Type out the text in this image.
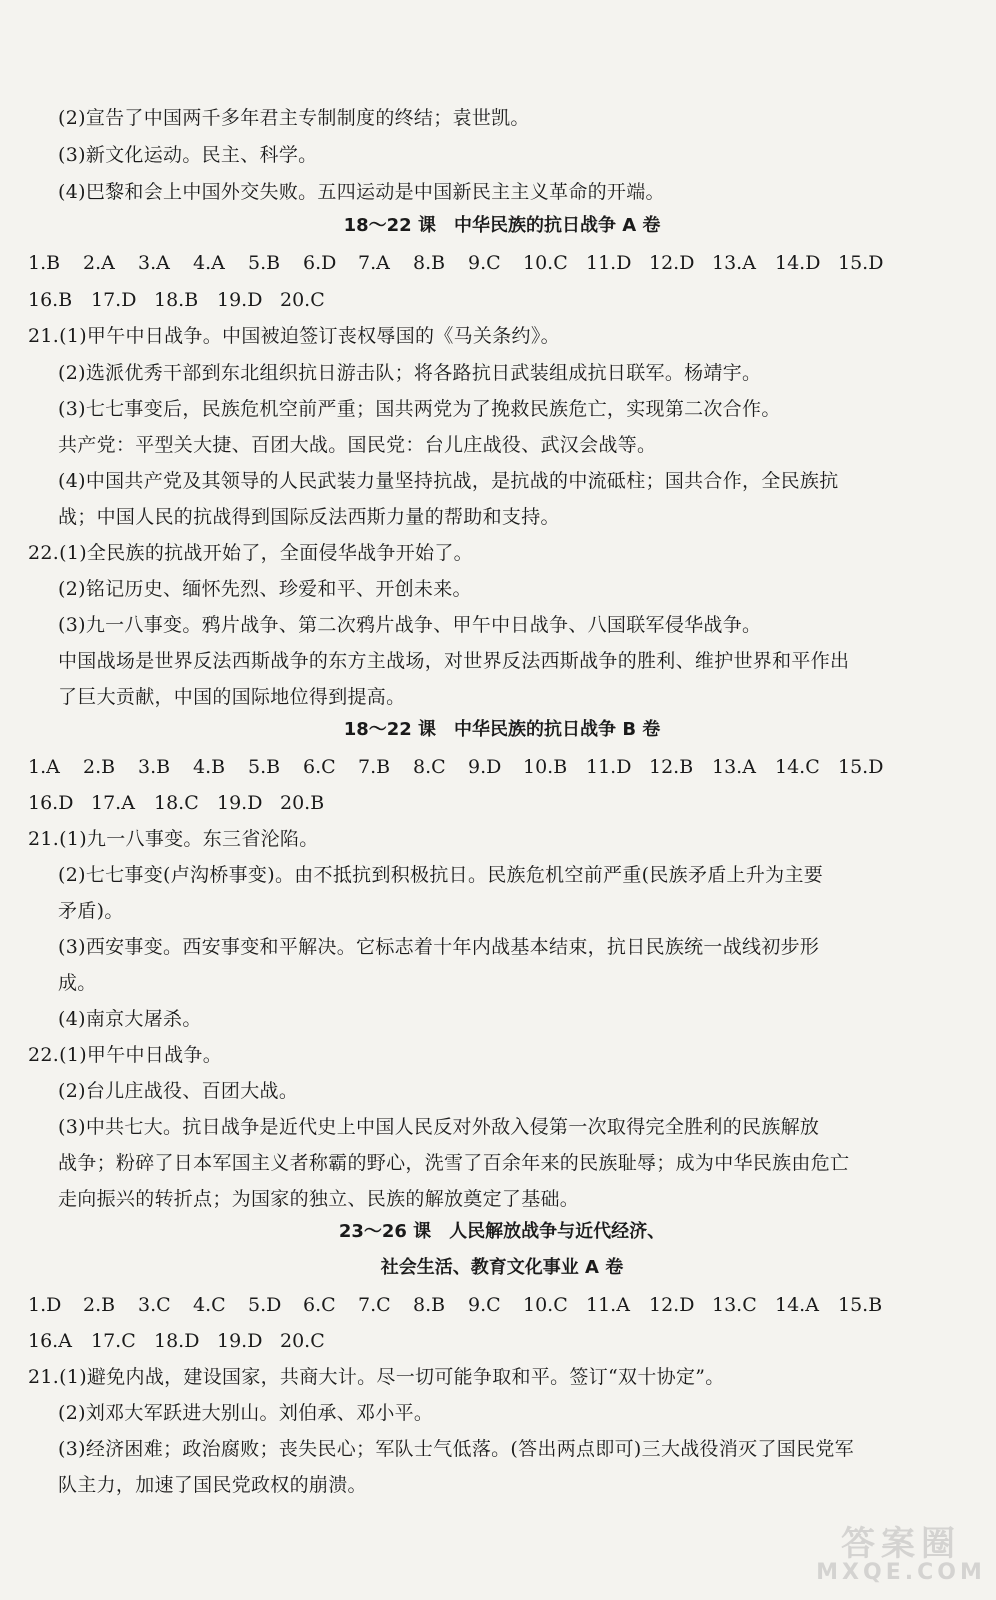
(2)宣告了中国两千多年君主专制制度的终结；袁世凯。
(3)新文化运动。民主、科学。
(4)巴黎和会上中国外交失败。五四运动是中国新民主主义革命的开端。
18～22 课　中华民族的抗日战争 A 卷
1.B 2.A 3.A 4.A 5.B 6.D 7.A 8.B 9.C 10.C 11.D 12.D 13.A 14.D 15.D
16.B 17.D 18.B 19.D 20.C
21.(1)甲午中日战争。中国被迫签订丧权辱国的《马关条约》。
(2)选派优秀干部到东北组织抗日游击队；将各路抗日武装组成抗日联军。杨靖宇。
(3)七七事变后，民族危机空前严重；国共两党为了挽救民族危亡，实现第二次合作。
共产党：平型关大捷、百团大战。国民党：台儿庄战役、武汉会战等。
(4)中国共产党及其领导的人民武装力量坚持抗战，是抗战的中流砥柱；国共合作，全民族抗
战；中国人民的抗战得到国际反法西斯力量的帮助和支持。
22.(1)全民族的抗战开始了，全面侵华战争开始了。
(2)铭记历史、缅怀先烈、珍爱和平、开创未来。
(3)九一八事变。鸦片战争、第二次鸦片战争、甲午中日战争、八国联军侵华战争。
中国战场是世界反法西斯战争的东方主战场，对世界反法西斯战争的胜利、维护世界和平作出
了巨大贡献，中国的国际地位得到提高。
18～22 课　中华民族的抗日战争 B 卷
1.A 2.B 3.B 4.B 5.B 6.C 7.B 8.C 9.D 10.B 11.D 12.B 13.A 14.C 15.D
16.D 17.A 18.C 19.D 20.B
21.(1)九一八事变。东三省沦陷。
(2)七七事变(卢沟桥事变)。由不抵抗到积极抗日。民族危机空前严重(民族矛盾上升为主要
矛盾)。
(3)西安事变。西安事变和平解决。它标志着十年内战基本结束，抗日民族统一战线初步形
成。
(4)南京大屠杀。
22.(1)甲午中日战争。
(2)台儿庄战役、百团大战。
(3)中共七大。抗日战争是近代史上中国人民反对外敌入侵第一次取得完全胜利的民族解放
战争；粉碎了日本军国主义者称霸的野心，洗雪了百余年来的民族耻辱；成为中华民族由危亡
走向振兴的转折点；为国家的独立、民族的解放奠定了基础。
23～26 课　人民解放战争与近代经济、
社会生活、教育文化事业 A 卷
1.D 2.B 3.C 4.C 5.D 6.C 7.C 8.B 9.C 10.C 11.A 12.D 13.C 14.A 15.B
16.A 17.C 18.D 19.D 20.C
21.(1)避免内战，建设国家，共商大计。尽一切可能争取和平。签订“双十协定”。
(2)刘邓大军跃进大别山。刘伯承、邓小平。
(3)经济困难；政治腐败；丧失民心；军队士气低落。(答出两点即可)三大战役消灭了国民党军
队主力，加速了国民党政权的崩溃。
答案圈
MXQE.COM
